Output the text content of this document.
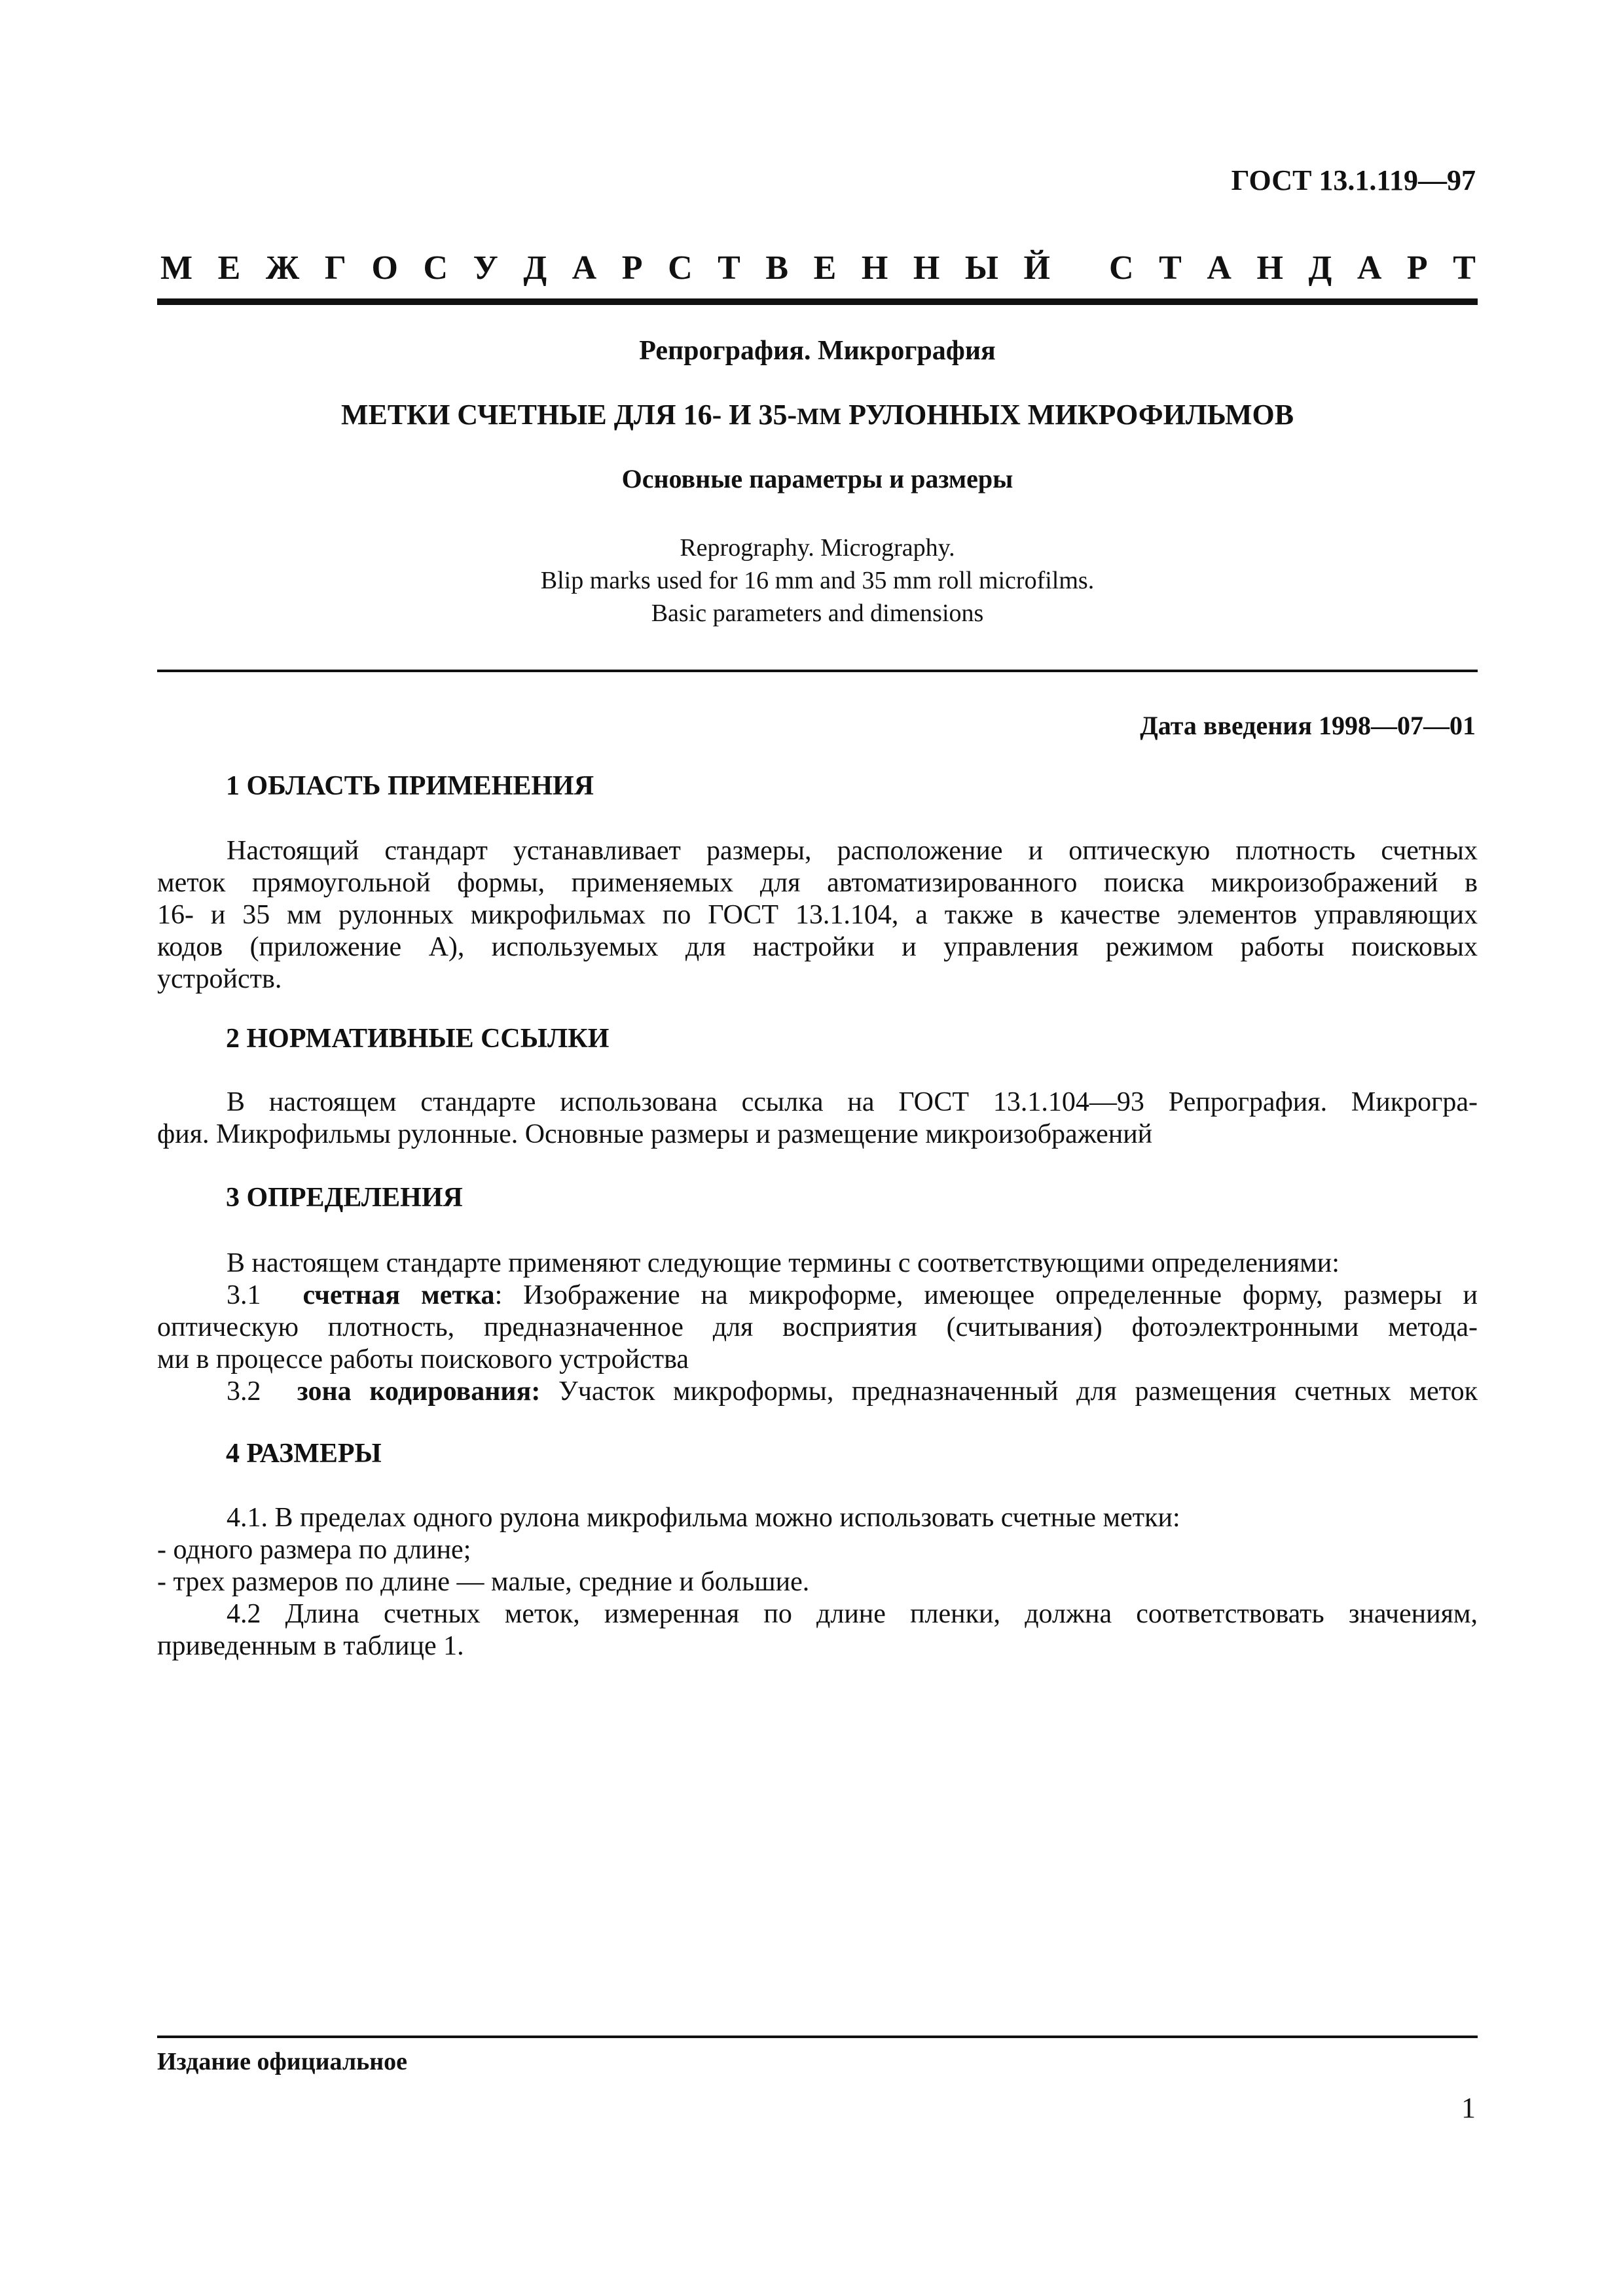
ГОСТ 13.1.119—97
М Е Ж Г О С У Д А Р С Т В Е Н Н Ы Й
С Т А Н Д А Р Т
Репрография. Микрография
МЕТКИ СЧЕТНЫЕ ДЛЯ 16- И 35-ММ РУЛОННЫХ МИКРОФИЛЬМОВ
Основные параметры и размеры
Reprography. Micrography.
Blip marks used for 16 mm and 35 mm roll microfilms.
Basic parameters and dimensions
Дата введения 1998—07—01
1 ОБЛАСТЬ ПРИМЕНЕНИЯ
Настоящий стандарт устанавливает размеры, расположение и оптическую плотность счетных
меток прямоугольной формы, применяемых для автоматизированного поиска микроизображений в
16- и 35 мм рулонных микрофильмах по ГОСТ 13.1.104, а также в качестве элементов управляющих
кодов (приложение А), используемых для настройки и управления режимом работы поисковых
устройств.
2 НОРМАТИВНЫЕ ССЫЛКИ
В настоящем стандарте использована ссылка на ГОСТ 13.1.104—93 Репрография. Микрогра-
фия. Микрофильмы рулонные. Основные размеры и размещение микроизображений
3 ОПРЕДЕЛЕНИЯ
В настоящем стандарте применяют следующие термины с соответствующими определениями:
3.1 счетная метка: Изображение на микроформе, имеющее определенные форму, размеры и
оптическую плотность, предназначенное для восприятия (считывания) фотоэлектронными метода-
ми в процессе работы поискового устройства
3.2 зона кодирования: Участок микроформы, предназначенный для размещения счетных меток
4 РАЗМЕРЫ
4.1. В пределах одного рулона микрофильма можно использовать счетные метки:
- одного размера по длине;
- трех размеров по длине — малые, средние и большие.
4.2 Длина счетных меток, измеренная по длине пленки, должна соответствовать значениям,
приведенным в таблице 1.
Издание официальное
1
